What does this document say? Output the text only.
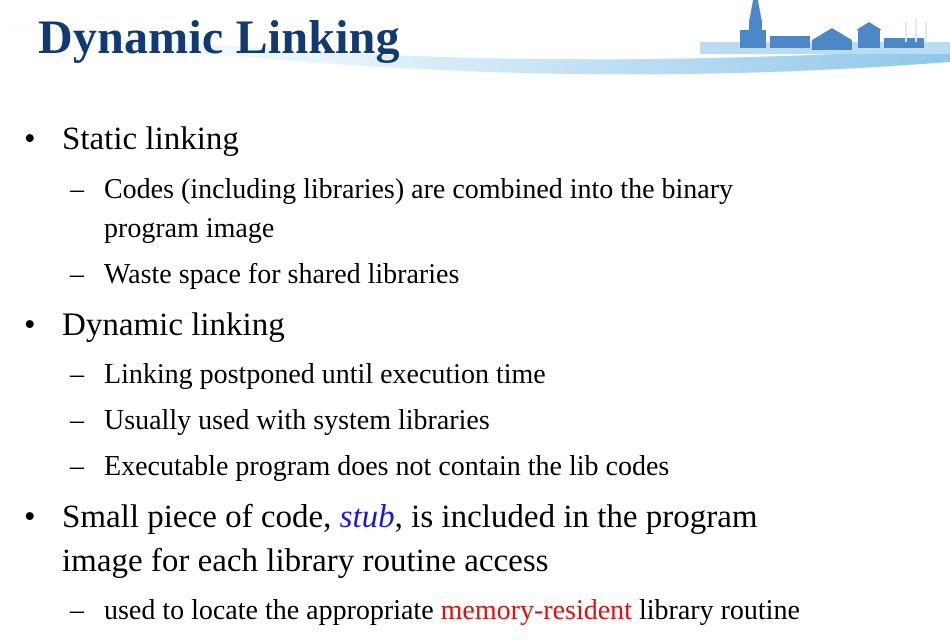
Dynamic Linking
• Static linking
– Codes (including libraries) are combined into the binary
program image
– Waste space for shared libraries
• Dynamic linking
– Linking postponed until execution time
– Usually used with system libraries
– Executable program does not contain the lib codes
• Small piece of code, stub, is included in the program
image for each library routine access
– used to locate the appropriate memory-resident library routine
